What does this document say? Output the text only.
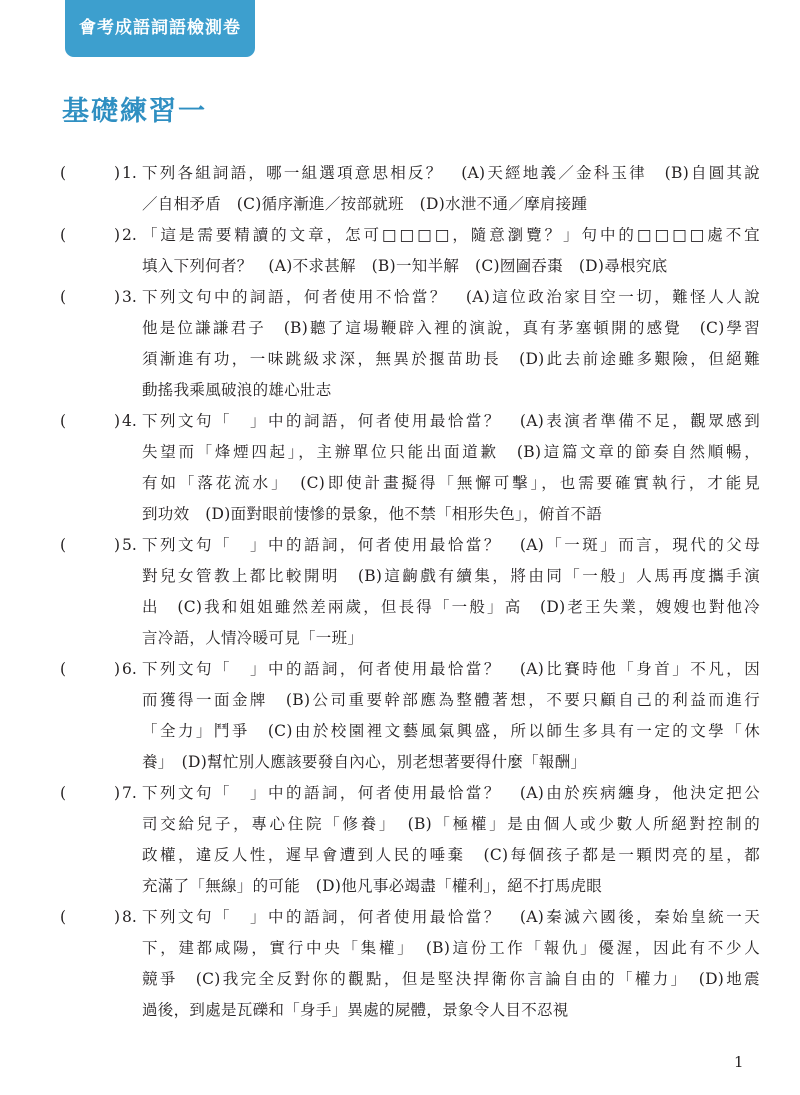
會考成語詞語檢測卷
基礎練習一
(	) 1. 下列各組詞語，哪一組選項意思相反？　(A)天經地義／金科玉律　(B)自圓其說
／自相矛盾　(C)循序漸進／按部就班　(D)水泄不通／摩肩接踵
(	) 2. 「這是需要精讀的文章，怎可□□□□，隨意瀏覽？」句中的□□□□處不宜
填入下列何者？　(A)不求甚解　(B)一知半解　(C)囫圇吞棗　(D)尋根究底
(	) 3. 下列文句中的詞語，何者使用不恰當？　(A)這位政治家目空一切，難怪人人說
他是位謙謙君子　(B)聽了這場鞭辟入裡的演說，真有茅塞頓開的感覺　(C)學習
須漸進有功，一味跳級求深，無異於揠苗助長　(D)此去前途雖多艱險，但絕難
動搖我乘風破浪的雄心壯志
(	) 4. 下列文句「　」中的詞語，何者使用最恰當？　(A)表演者準備不足，觀眾感到
失望而「烽煙四起」，主辦單位只能出面道歉　(B)這篇文章的節奏自然順暢，
有如「落花流水」　(C)即使計畫擬得「無懈可擊」，也需要確實執行，才能見
到功效　(D)面對眼前悽慘的景象，他不禁「相形失色」，俯首不語
(	) 5. 下列文句「　」中的語詞，何者使用最恰當？　(A)「一斑」而言，現代的父母
對兒女管教上都比較開明　(B)這齣戲有續集，將由同「一般」人馬再度攜手演
出　(C)我和姐姐雖然差兩歲，但長得「一般」高　(D)老王失業，嫂嫂也對他冷
言冷語，人情冷暖可見「一班」
(	) 6. 下列文句「　」中的語詞，何者使用最恰當？　(A)比賽時他「身首」不凡，因
而獲得一面金牌　(B)公司重要幹部應為整體著想，不要只顧自己的利益而進行
「全力」鬥爭　(C)由於校園裡文藝風氣興盛，所以師生多具有一定的文學「休
養」　(D)幫忙別人應該要發自內心，別老想著要得什麼「報酬」
(	) 7. 下列文句「　」中的語詞，何者使用最恰當？　(A)由於疾病纏身，他決定把公
司交給兒子，專心住院「修養」　(B)「極權」是由個人或少數人所絕對控制的
政權，違反人性，遲早會遭到人民的唾棄　(C)每個孩子都是一顆閃亮的星，都
充滿了「無線」的可能　(D)他凡事必竭盡「權利」，絕不打馬虎眼
(	) 8. 下列文句「　」中的語詞，何者使用最恰當？　(A)秦滅六國後，秦始皇統一天
下，建都咸陽，實行中央「集權」　(B)這份工作「報仇」優渥，因此有不少人
競爭　(C)我完全反對你的觀點，但是堅決捍衛你言論自由的「權力」　(D)地震
過後，到處是瓦礫和「身手」異處的屍體，景象令人目不忍視
1
